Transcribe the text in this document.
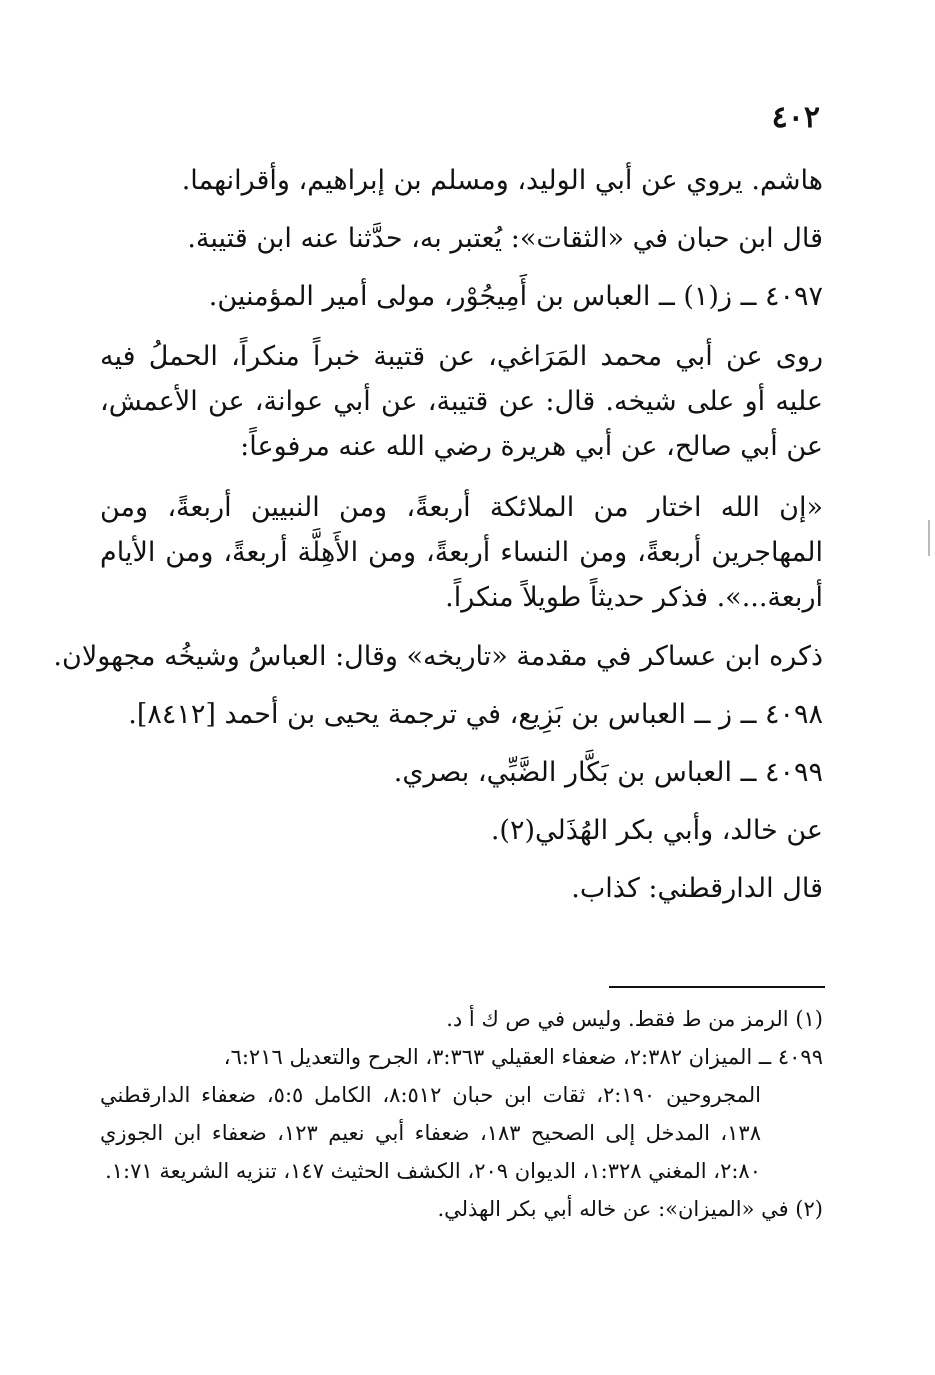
٤٠٢
هاشم. يروي عن أبي الوليد، ومسلم بن إبراهيم، وأقرانهما.
قال ابن حبان في «الثقات»: يُعتبر به، حدَّثنا عنه ابن قتيبة.
٤٠٩٧ ــ ز(١) ــ العباس بن أَمِيجُوْر، مولى أمير المؤمنين.
روى عن أبي محمد المَرَاغي، عن قتيبة خبراً منكراً، الحملُ فيه عليه أو على شيخه. قال: عن قتيبة، عن أبي عوانة، عن الأعمش، عن أبي صالح، عن أبي هريرة رضي الله عنه مرفوعاً:
«إن الله اختار من الملائكة أربعةً، ومن النبيين أربعةً، ومن المهاجرين أربعةً، ومن النساء أربعةً، ومن الأَهِلَّة أربعةً، ومن الأيام أربعة...». فذكر حديثاً طويلاً منكراً.
ذكره ابن عساكر في مقدمة «تاريخه» وقال: العباسُ وشيخُه مجهولان.
٤٠٩٨ ــ ز ــ العباس بن بَزِيع، في ترجمة يحيى بن أحمد [٨٤١٢].
٤٠٩٩ ــ العباس بن بَكَّار الضَّبِّي، بصري.
عن خالد، وأبي بكر الهُذَلي(٢).
قال الدارقطني: كذاب.
(١) الرمز من ط فقط. وليس في ص ك أ د.
٤٠٩٩ ــ الميزان ٢:٣٨٢، ضعفاء العقيلي ٣:٣٦٣، الجرح والتعديل ٦:٢١٦،
المجروحين ٢:١٩٠، ثقات ابن حبان ٨:٥١٢، الكامل ٥:٥، ضعفاء الدارقطني ١٣٨، المدخل إلى الصحيح ١٨٣، ضعفاء أبي نعيم ١٢٣، ضعفاء ابن الجوزي ٢:٨٠، المغني ١:٣٢٨، الديوان ٢٠٩، الكشف الحثيث ١٤٧، تنزيه الشريعة ١:٧١.
(٢) في «الميزان»: عن خاله أبي بكر الهذلي.
